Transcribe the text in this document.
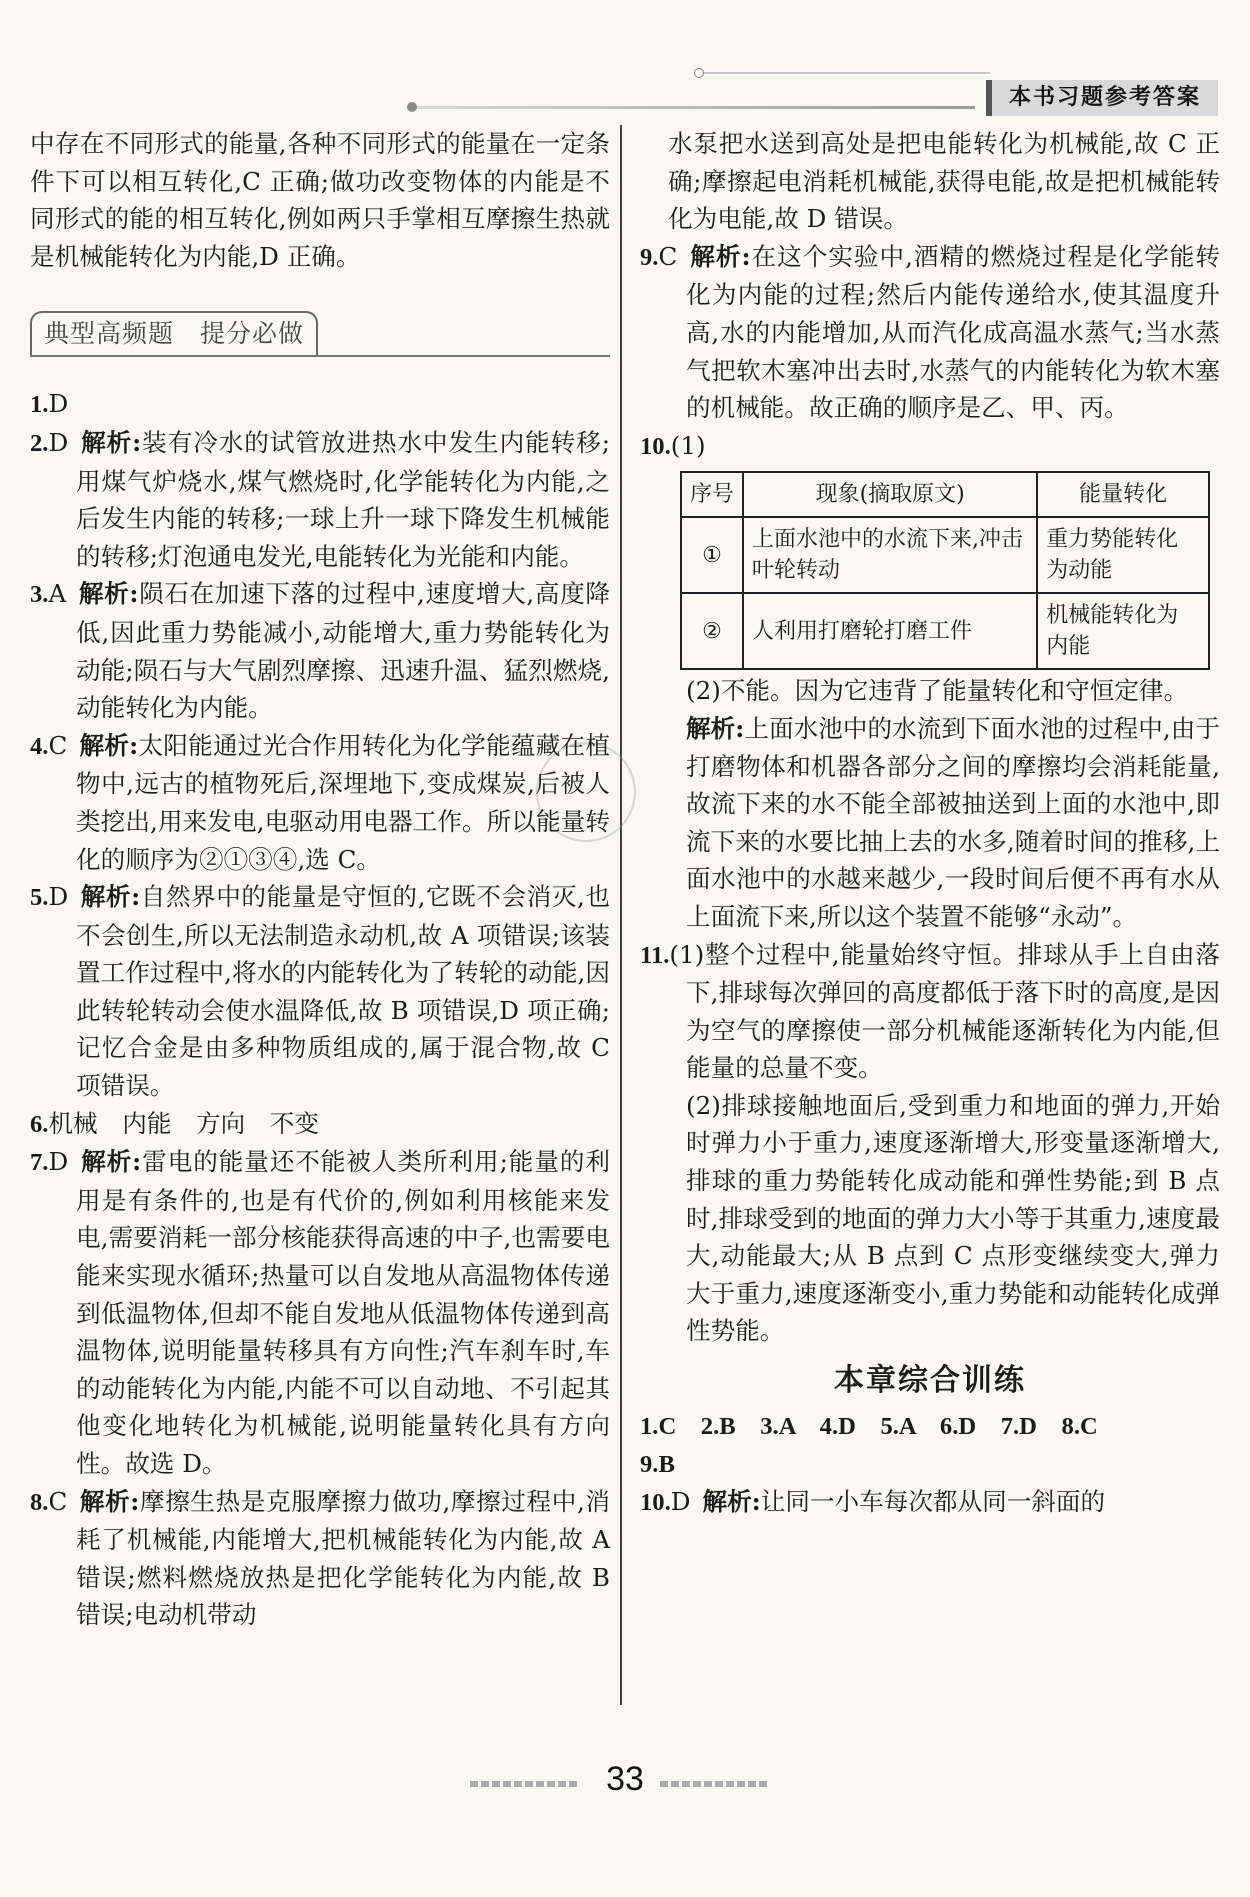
本书习题参考答案

中存在不同形式的能量,各种不同形式的能量在一定条件下可以相互转化,C 正确;做功改变物体的内能是不同形式的能的相互转化,例如两只手掌相互摩擦生热就是机械能转化为内能,D 正确。

典型高频题　提分必做

1.D

2.D 解析:装有冷水的试管放进热水中发生内能转移;用煤气炉烧水,煤气燃烧时,化学能转化为内能,之后发生内能的转移;一球上升一球下降发生机械能的转移;灯泡通电发光,电能转化为光能和内能。

3.A 解析:陨石在加速下落的过程中,速度增大,高度降低,因此重力势能减小,动能增大,重力势能转化为动能;陨石与大气剧烈摩擦、迅速升温、猛烈燃烧,动能转化为内能。

4.C 解析:太阳能通过光合作用转化为化学能蕴藏在植物中,远古的植物死后,深埋地下,变成煤炭,后被人类挖出,用来发电,电驱动用电器工作。所以能量转化的顺序为②①③④,选 C。

5.D 解析:自然界中的能量是守恒的,它既不会消灭,也不会创生,所以无法制造永动机,故 A 项错误;该装置工作过程中,将水的内能转化为了转轮的动能,因此转轮转动会使水温降低,故 B 项错误,D 项正确;记忆合金是由多种物质组成的,属于混合物,故 C 项错误。

6.机械　内能　方向　不变

7.D 解析:雷电的能量还不能被人类所利用;能量的利用是有条件的,也是有代价的,例如利用核能来发电,需要消耗一部分核能获得高速的中子,也需要电能来实现水循环;热量可以自发地从高温物体传递到低温物体,但却不能自发地从低温物体传递到高温物体,说明能量转移具有方向性;汽车刹车时,车的动能转化为内能,内能不可以自动地、不引起其他变化地转化为机械能,说明能量转化具有方向性。故选 D。

8.C 解析:摩擦生热是克服摩擦力做功,摩擦过程中,消耗了机械能,内能增大,把机械能转化为内能,故 A 错误;燃料燃烧放热是把化学能转化为内能,故 B 错误;电动机带动

水泵把水送到高处是把电能转化为机械能,故 C 正确;摩擦起电消耗机械能,获得电能,故是把机械能转化为电能,故 D 错误。

9.C 解析:在这个实验中,酒精的燃烧过程是化学能转化为内能的过程;然后内能传递给水,使其温度升高,水的内能增加,从而汽化成高温水蒸气;当水蒸气把软木塞冲出去时,水蒸气的内能转化为软木塞的机械能。故正确的顺序是乙、甲、丙。

10.(1)

序号	现象(摘取原文)	能量转化
①	上面水池中的水流下来,冲击叶轮转动	重力势能转化为动能
②	人利用打磨轮打磨工件	机械能转化为内能

(2)不能。因为它违背了能量转化和守恒定律。

解析:上面水池中的水流到下面水池的过程中,由于打磨物体和机器各部分之间的摩擦均会消耗能量,故流下来的水不能全部被抽送到上面的水池中,即流下来的水要比抽上去的水多,随着时间的推移,上面水池中的水越来越少,一段时间后便不再有水从上面流下来,所以这个装置不能够“永动”。

11.(1)整个过程中,能量始终守恒。排球从手上自由落下,排球每次弹回的高度都低于落下时的高度,是因为空气的摩擦使一部分机械能逐渐转化为内能,但能量的总量不变。

(2)排球接触地面后,受到重力和地面的弹力,开始时弹力小于重力,速度逐渐增大,形变量逐渐增大,排球的重力势能转化成动能和弹性势能;到 B 点时,排球受到的地面的弹力大小等于其重力,速度最大,动能最大;从 B 点到 C 点形变继续变大,弹力大于重力,速度逐渐变小,重力势能和动能转化成弹性势能。

本章综合训练

1.C　2.B　3.A　4.D　5.A　6.D　7.D　8.C

9.B

10.D 解析:让同一小车每次都从同一斜面的

33
